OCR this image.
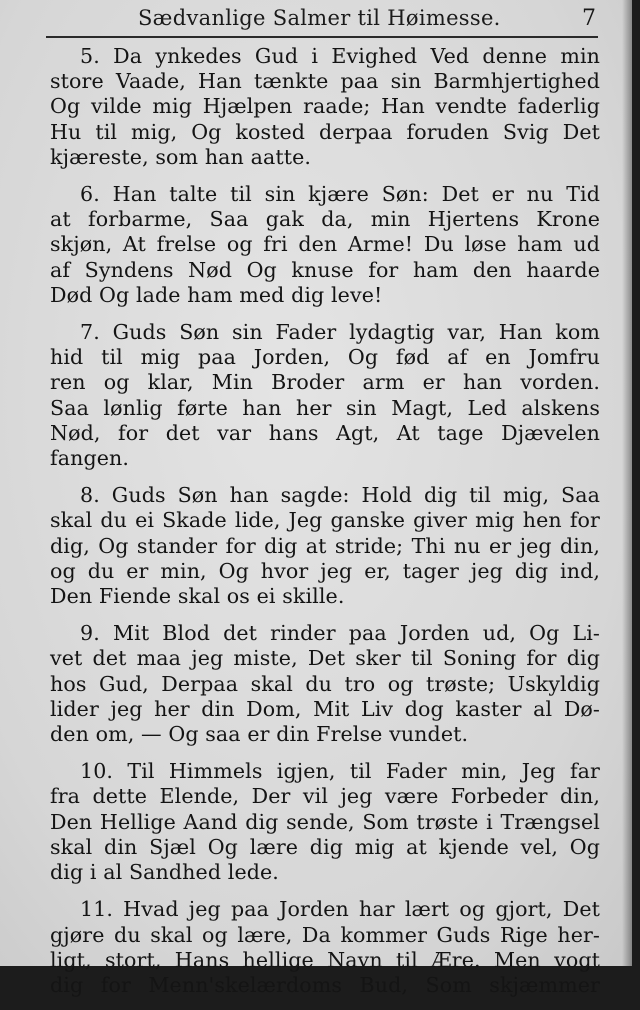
Sædvanlige Salmer til Høimesse.	7
5. Da ynkedes Gud i Evighed Ved denne min
store Vaade, Han tænkte paa sin Barmhjertighed
Og vilde mig Hjælpen raade; Han vendte faderlig
Hu til mig, Og kosted derpaa foruden Svig Det
kjæreste, som han aatte.
6. Han talte til sin kjære Søn: Det er nu Tid
at forbarme, Saa gak da, min Hjertens Krone
skjøn, At frelse og fri den Arme! Du løse ham ud
af Syndens Nød Og knuse for ham den haarde
Død Og lade ham med dig leve!
7. Guds Søn sin Fader lydagtig var, Han kom
hid til mig paa Jorden, Og fød af en Jomfru
ren og klar, Min Broder arm er han vorden.
Saa lønlig førte han her sin Magt, Led alskens
Nød, for det var hans Agt, At tage Djævelen
fangen.
8. Guds Søn han sagde: Hold dig til mig, Saa
skal du ei Skade lide, Jeg ganske giver mig hen for
dig, Og stander for dig at stride; Thi nu er jeg din,
og du er min, Og hvor jeg er, tager jeg dig ind,
Den Fiende skal os ei skille.
9. Mit Blod det rinder paa Jorden ud, Og Li-
vet det maa jeg miste, Det sker til Soning for dig
hos Gud, Derpaa skal du tro og trøste; Uskyldig
lider jeg her din Dom, Mit Liv dog kaster al Dø-
den om, — Og saa er din Frelse vundet.
10. Til Himmels igjen, til Fader min, Jeg far
fra dette Elende, Der vil jeg være Forbeder din,
Den Hellige Aand dig sende, Som trøste i Trængsel
skal din Sjæl Og lære dig mig at kjende vel, Og
dig i al Sandhed lede.
11. Hvad jeg paa Jorden har lært og gjort, Det
gjøre du skal og lære, Da kommer Guds Rige her-
ligt, stort, Hans hellige Navn til Ære. Men vogt
dig for Menn'skelærdoms Bud, Som skjæmmer
